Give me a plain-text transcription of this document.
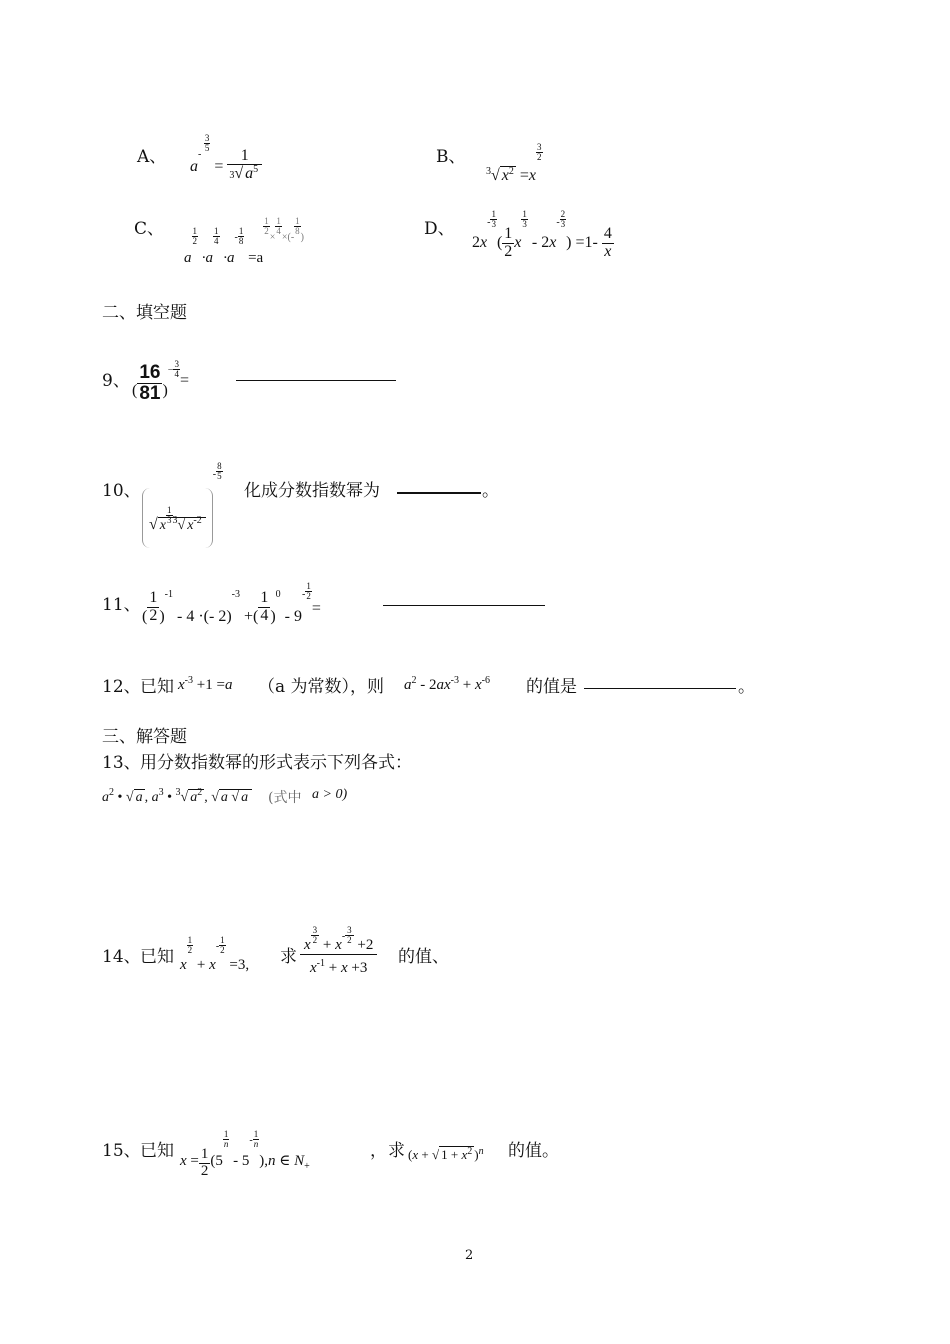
A、 a-
$\frac{3}{5} = \frac{1}{3√ a^5}$	B、
$^3$√ $x^2 =x$
$\frac{3}{2}$
C、
a
$\frac{1}{2} \cdot a$
$\frac{1}{4} \cdot a^- \frac{1}{8} =a$
$^{\frac{1}{2}\times \frac{1}{4}\times(- \frac{1}{8})}$	D、
$2x^- \frac{1}{3}( \frac{1}{2}$ x
$\frac{1}{3} - 2x^- \frac{2}{3}) =1- \frac{4}{x}$
二、填空题
9、 ( $\frac{16}{81} )^- \frac{3}{4}=$
10、
√ x
$\frac{1}{3}^3√$ $x^{-2-} \frac{8}{5}$
化成分数指数幂为	。
11、
( $\frac{1}{2} )^{-1} - 4$ ·(- 2)$^{-3}$ +( $\frac{1}{4} )^0 - 9^- \frac{1}{2}=$
12、 已知 $x^{-3} +1 =a$ （a 为常数），则 $a^2 - 2ax^{-3} + x^{-6}$ 的值是	。
三、解答题
13、 用分数指数幂的形式表示下列各式：
$a^2$ • √ a , $a^3$ • $^3$√ $a^2$ , √ a √ a (式中 a > 0)
14、 已知 x
$\frac{1}{2} + x^- \frac{1}{2} =3$, 求 $\frac{x \frac{3}{2} + x^- \frac{3}{2} +2}{x^{-1} + x +3}$ 的值、
15、 已知 $x = \frac{1}{2} (5$
$\frac{1}{n} - 5^- \frac{1}{n}),n$ ∈ $N_+$
， 求 (x + √ $1 + x^2$ )$^n$ 的值。
2
